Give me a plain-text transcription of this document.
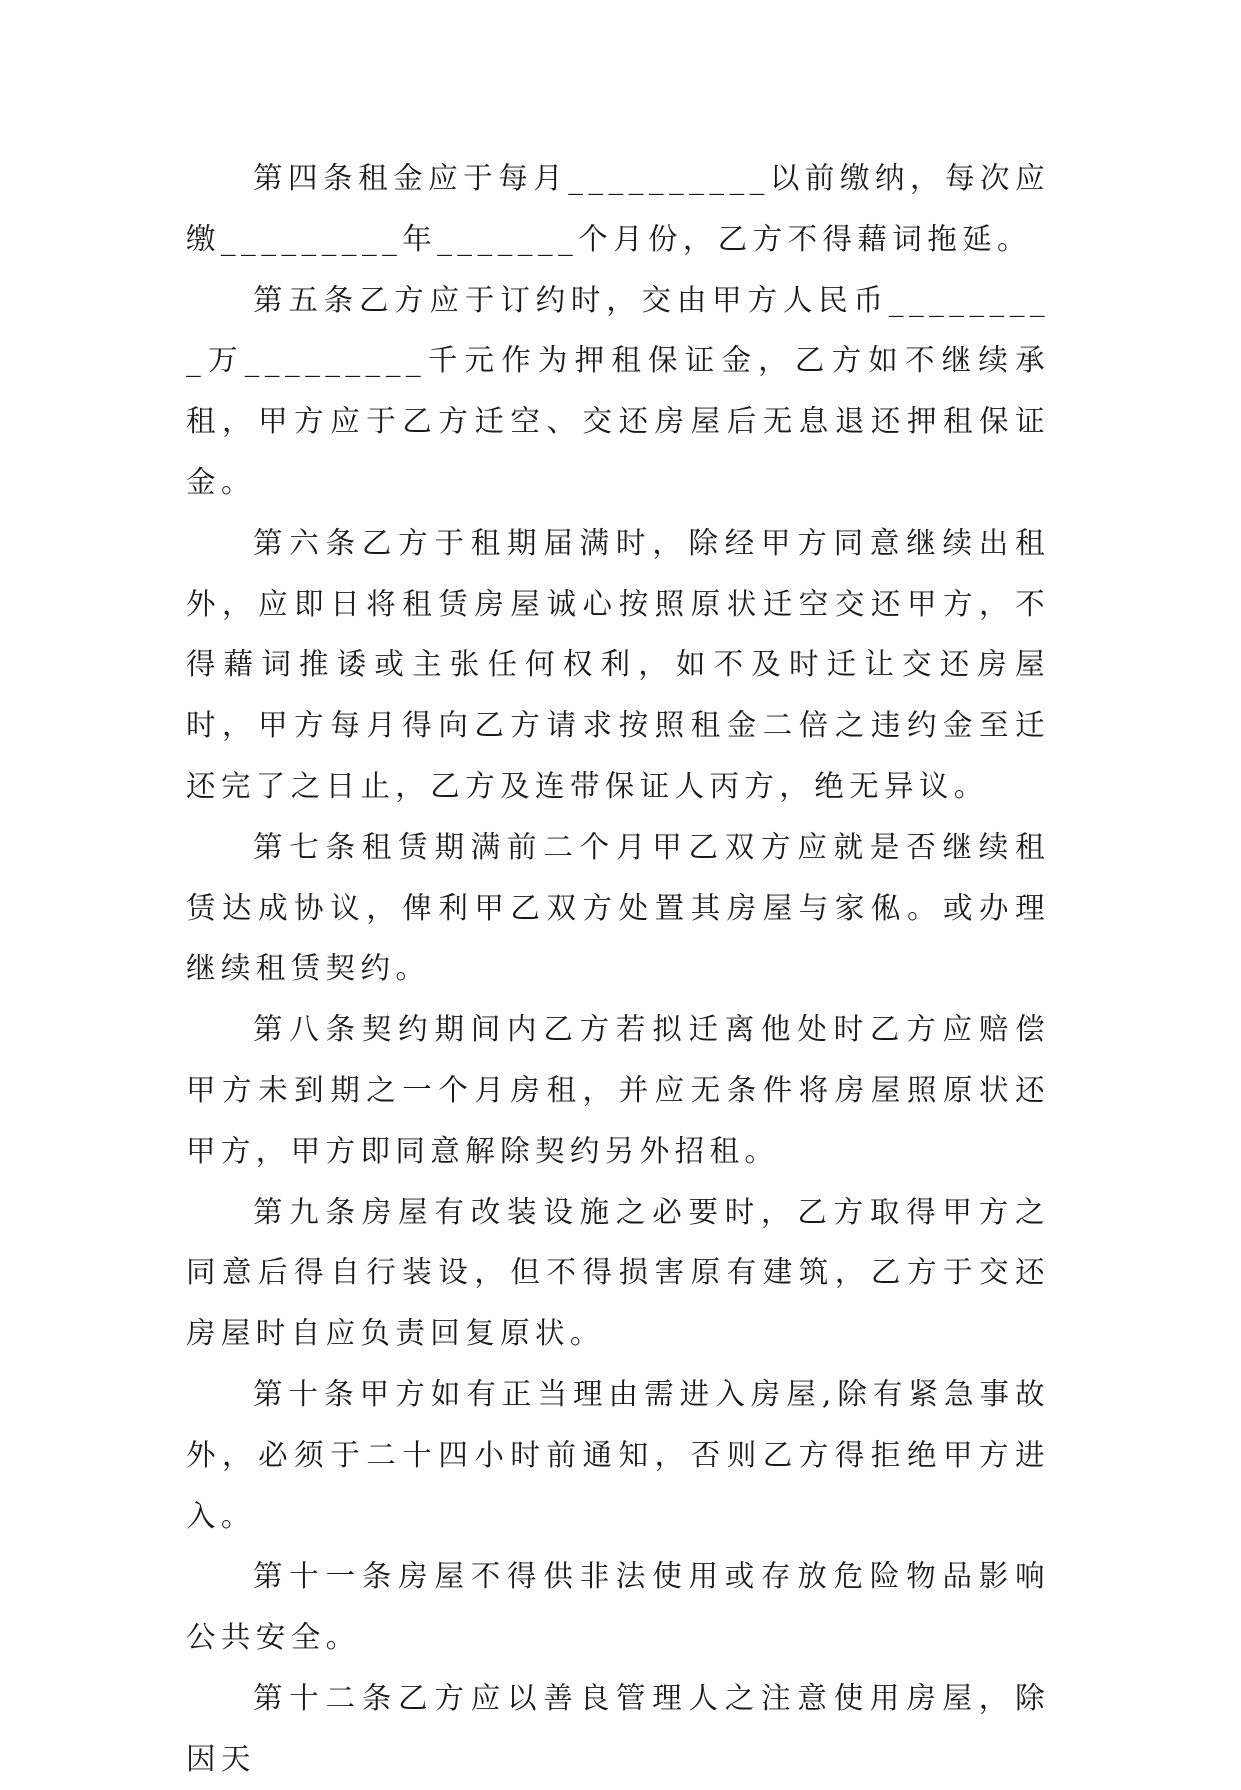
第四条租金应于每月__________以前缴纳，每次应缴_________年_______个月份，乙方不得藉词拖延。

第五条乙方应于订约时，交由甲方人民币_________万_________千元作为押租保证金，乙方如不继续承租，甲方应于乙方迁空、交还房屋后无息退还押租保证金。

第六条乙方于租期届满时，除经甲方同意继续出租外，应即日将租赁房屋诚心按照原状迁空交还甲方，不得藉词推诿或主张任何权利，如不及时迁让交还房屋时，甲方每月得向乙方请求按照租金二倍之违约金至迁还完了之日止，乙方及连带保证人丙方，绝无异议。

第七条租赁期满前二个月甲乙双方应就是否继续租赁达成协议，俾利甲乙双方处置其房屋与家俬。或办理继续租赁契约。

第八条契约期间内乙方若拟迁离他处时乙方应赔偿甲方未到期之一个月房租，并应无条件将房屋照原状还甲方，甲方即同意解除契约另外招租。

第九条房屋有改装设施之必要时，乙方取得甲方之同意后得自行装设，但不得损害原有建筑，乙方于交还房屋时自应负责回复原状。

第十条甲方如有正当理由需进入房屋,除有紧急事故外，必须于二十四小时前通知，否则乙方得拒绝甲方进入。

第十一条房屋不得供非法使用或存放危险物品影响公共安全。

第十二条乙方应以善良管理人之注意使用房屋，除因天
